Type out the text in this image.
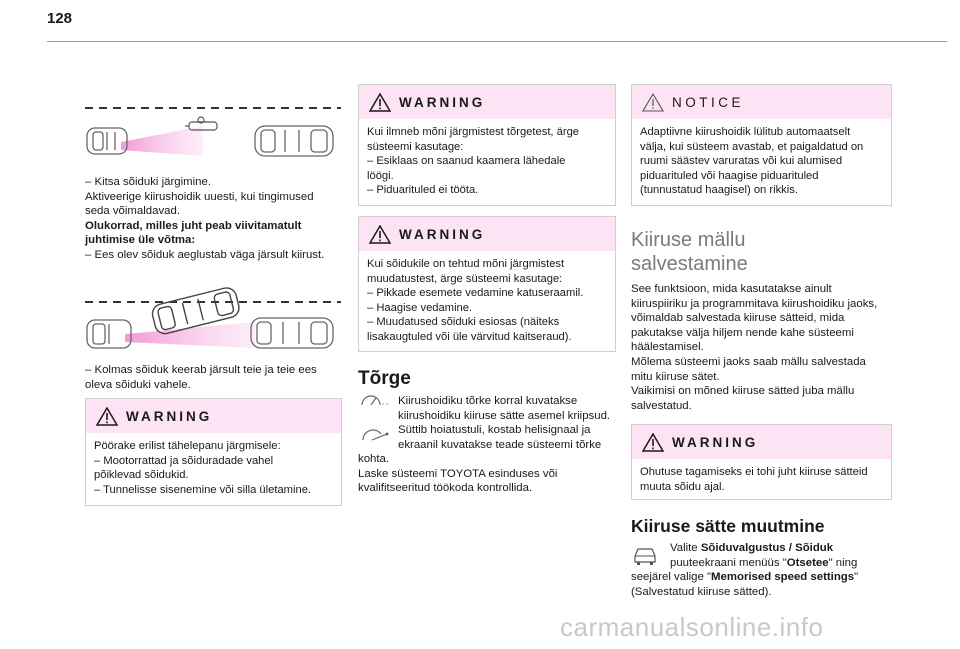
128
– Kitsa sõiduki järgimine.
Aktiveerige kiirushoidik uuesti, kui tingimused
seda võimaldavad.
Olukorrad, milles juht peab viivitamatult
juhtimise üle võtma:
– Ees olev sõiduk aeglustab väga järsult kiirust.
– Kolmas sõiduk keerab järsult teie ja teie ees
oleva sõiduki vahele.
WARNING
Pöörake erilist tähelepanu järgmisele:
– Mootorrattad ja sõiduradade vahel
põiklevad sõidukid.
– Tunnelisse sisenemine või silla ületamine.
WARNING
Kui ilmneb mõni järgmistest tõrgetest, ärge
süsteemi kasutage:
– Esiklaas on saanud kaamera lähedale
löögi.
– Piduarituled ei tööta.
WARNING
Kui sõidukile on tehtud mõni järgmistest
muudatustest, ärge süsteemi kasutage:
– Pikkade esemete vedamine katuseraamil.
– Haagise vedamine.
– Muudatused sõiduki esiosas (näiteks
lisakaugtuled või üle värvitud kaitseraud).
Tõrge
Kiirushoidiku tõrke korral kuvatakse
kiirushoidiku kiiruse sätte asemel kriipsud.
Süttib hoiatustuli, kostab helisignaal ja
ekraanil kuvatakse teade süsteemi tõrke
kohta.
Laske süsteemi TOYOTA esinduses või
kvalifitseeritud töökoda kontrollida.
NOTICE
Adaptiivne kiirushoidik lülitub automaatselt
välja, kui süsteem avastab, et paigaldatud on
ruumi säästev varuratas või kui alumised
piduarituled või haagise piduarituled
(tunnustatud haagisel) on rikkis.
Kiiruse mällu
salvestamine
See funktsioon, mida kasutatakse ainult
kiiruspiiriku ja programmitava kiirushoidiku jaoks,
võimaldab salvestada kiiruse sätteid, mida
pakutakse välja hiljem nende kahe süsteemi
häälestamisel.
Mõlema süsteemi jaoks saab mällu salvestada
mitu kiiruse sätet.
Vaikimisi on mõned kiiruse sätted juba mällu
salvestatud.
WARNING
Ohutuse tagamiseks ei tohi juht kiiruse sätteid
muuta sõidu ajal.
Kiiruse sätte muutmine
Valite Sõiduvalgustus / Sõiduk
puuteekraani menüüs "Otsetee" ning
seejärel valige "Memorised speed settings"
(Salvestatud kiiruse sätted).
carmanualsonline.info
